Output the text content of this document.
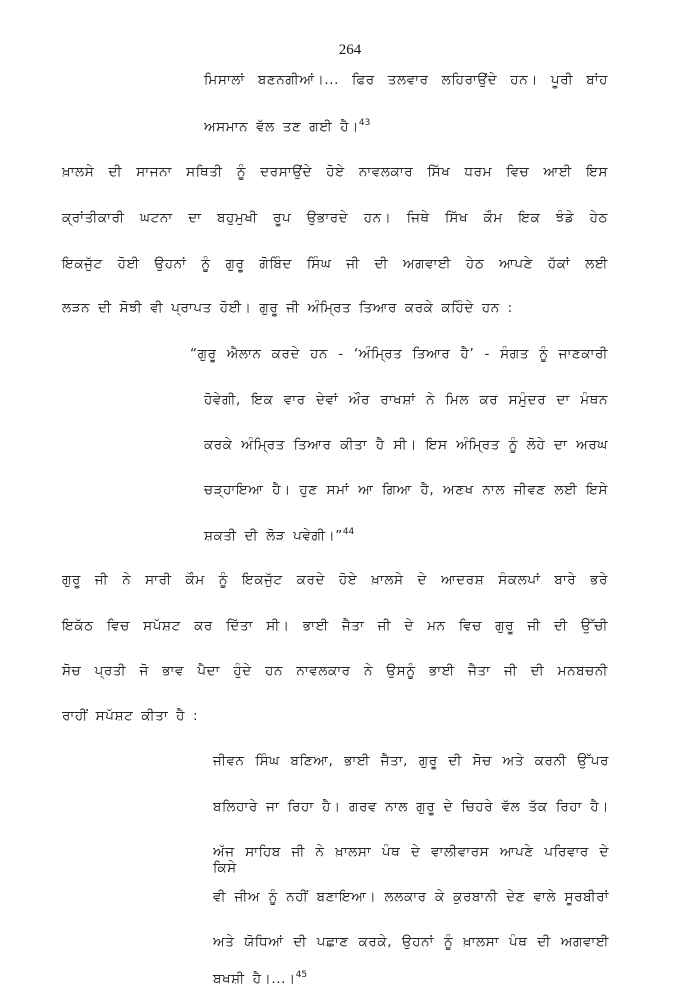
264
ਮਿਸਾਲਾਂ ਬਣਨਗੀਆਂ।... ਫਿਰ ਤਲਵਾਰ ਲਹਿਰਾਉਂਦੇ ਹਨ। ਪੂਰੀ ਬਾਂਹ
ਅਸਮਾਨ ਵੱਲ ਤਣ ਗਈ ਹੈ।$^{43}$
ਖ਼ਾਲਸੇ ਦੀ ਸਾਜਨਾ ਸਥਿਤੀ ਨੂੰ ਦਰਸਾਉਂਦੇ ਹੋਏ ਨਾਵਲਕਾਰ ਸਿੱਖ ਧਰਮ ਵਿਚ ਆਈ ਇਸ
ਕ੍ਰਾਂਤੀਕਾਰੀ ਘਟਨਾ ਦਾ ਬਹੁਮੁਖੀ ਰੂਪ ਉਭਾਰਦੇ ਹਨ। ਜਿਥੇ ਸਿੱਖ ਕੌਮ ਇਕ ਝੰਡੇ ਹੇਠ
ਇਕਜੁੱਟ ਹੋਈ ਉਹਨਾਂ ਨੂੰ ਗੁਰੂ ਗੋਬਿੰਦ ਸਿੰਘ ਜੀ ਦੀ ਅਗਵਾਈ ਹੇਠ ਆਪਣੇ ਹੱਕਾਂ ਲਈ
ਲੜਨ ਦੀ ਸੋਝੀ ਵੀ ਪ੍ਰਾਪਤ ਹੋਈ। ਗੁਰੂ ਜੀ ਅੰਮ੍ਰਿਤ ਤਿਆਰ ਕਰਕੇ ਕਹਿੰਦੇ ਹਨ :
“ਗੁਰੂ ਐਲਾਨ ਕਰਦੇ ਹਨ - ‘ਅੰਮ੍ਰਿਤ ਤਿਆਰ ਹੈ’ - ਸੰਗਤ ਨੂੰ ਜਾਣਕਾਰੀ
ਹੋਵੇਗੀ, ਇਕ ਵਾਰ ਦੇਵਾਂ ਔਰ ਰਾਖਸ਼ਾਂ ਨੇ ਮਿਲ ਕਰ ਸਮੁੰਦਰ ਦਾ ਮੰਥਨ
ਕਰਕੇ ਅੰਮ੍ਰਿਤ ਤਿਆਰ ਕੀਤਾ ਹੈ ਸੀ। ਇਸ ਅੰਮ੍ਰਿਤ ਨੂੰ ਲੋਹੇ ਦਾ ਅਰਘ
ਚੜ੍ਹਾਇਆ ਹੈ। ਹੁਣ ਸਮਾਂ ਆ ਗਿਆ ਹੈ, ਅਣਖ ਨਾਲ ਜੀਵਣ ਲਈ ਇਸੇ
ਸ਼ਕਤੀ ਦੀ ਲੋੜ ਪਵੇਗੀ।”$^{44}$
ਗੁਰੂ ਜੀ ਨੇ ਸਾਰੀ ਕੌਮ ਨੂੰ ਇਕਜੁੱਟ ਕਰਦੇ ਹੋਏ ਖ਼ਾਲਸੇ ਦੇ ਆਦਰਸ਼ ਸੰਕਲਪਾਂ ਬਾਰੇ ਭਰੇ
ਇਕੱਠ ਵਿਚ ਸਪੱਸ਼ਟ ਕਰ ਦਿੱਤਾ ਸੀ। ਭਾਈ ਜੈਤਾ ਜੀ ਦੇ ਮਨ ਵਿਚ ਗੁਰੂ ਜੀ ਦੀ ਉੱਚੀ
ਸੋਚ ਪ੍ਰਤੀ ਜੋ ਭਾਵ ਪੈਦਾ ਹੁੰਦੇ ਹਨ ਨਾਵਲਕਾਰ ਨੇ ਉਸਨੂੰ ਭਾਈ ਜੈਤਾ ਜੀ ਦੀ ਮਨਬਚਨੀ
ਰਾਹੀਂ ਸਪੱਸ਼ਟ ਕੀਤਾ ਹੈ :
ਜੀਵਨ ਸਿੰਘ ਬਣਿਆ, ਭਾਈ ਜੈਤਾ, ਗੁਰੂ ਦੀ ਸੋਚ ਅਤੇ ਕਰਨੀ ਉੱਪਰ
ਬਲਿਹਾਰੇ ਜਾ ਰਿਹਾ ਹੈ। ਗਰਵ ਨਾਲ ਗੁਰੂ ਦੇ ਚਿਹਰੇ ਵੱਲ ਤੱਕ ਰਿਹਾ ਹੈ।
ਅੱਜ ਸਾਹਿਬ ਜੀ ਨੇ ਖ਼ਾਲਸਾ ਪੰਥ ਦੇ ਵਾਲੀਵਾਰਸ ਆਪਣੇ ਪਰਿਵਾਰ ਦੇ ਕਿਸੇ
ਵੀ ਜੀਅ ਨੂੰ ਨਹੀਂ ਬਣਾਇਆ। ਲਲਕਾਰ ਕੇ ਕੁਰਬਾਨੀ ਦੇਣ ਵਾਲੇ ਸੂਰਬੀਰਾਂ
ਅਤੇ ਯੋਧਿਆਂ ਦੀ ਪਛਾਣ ਕਰਕੇ, ਉਹਨਾਂ ਨੂੰ ਖ਼ਾਲਸਾ ਪੰਥ ਦੀ ਅਗਵਾਈ
ਬਖਸ਼ੀ ਹੈ।...।$^{45}$
